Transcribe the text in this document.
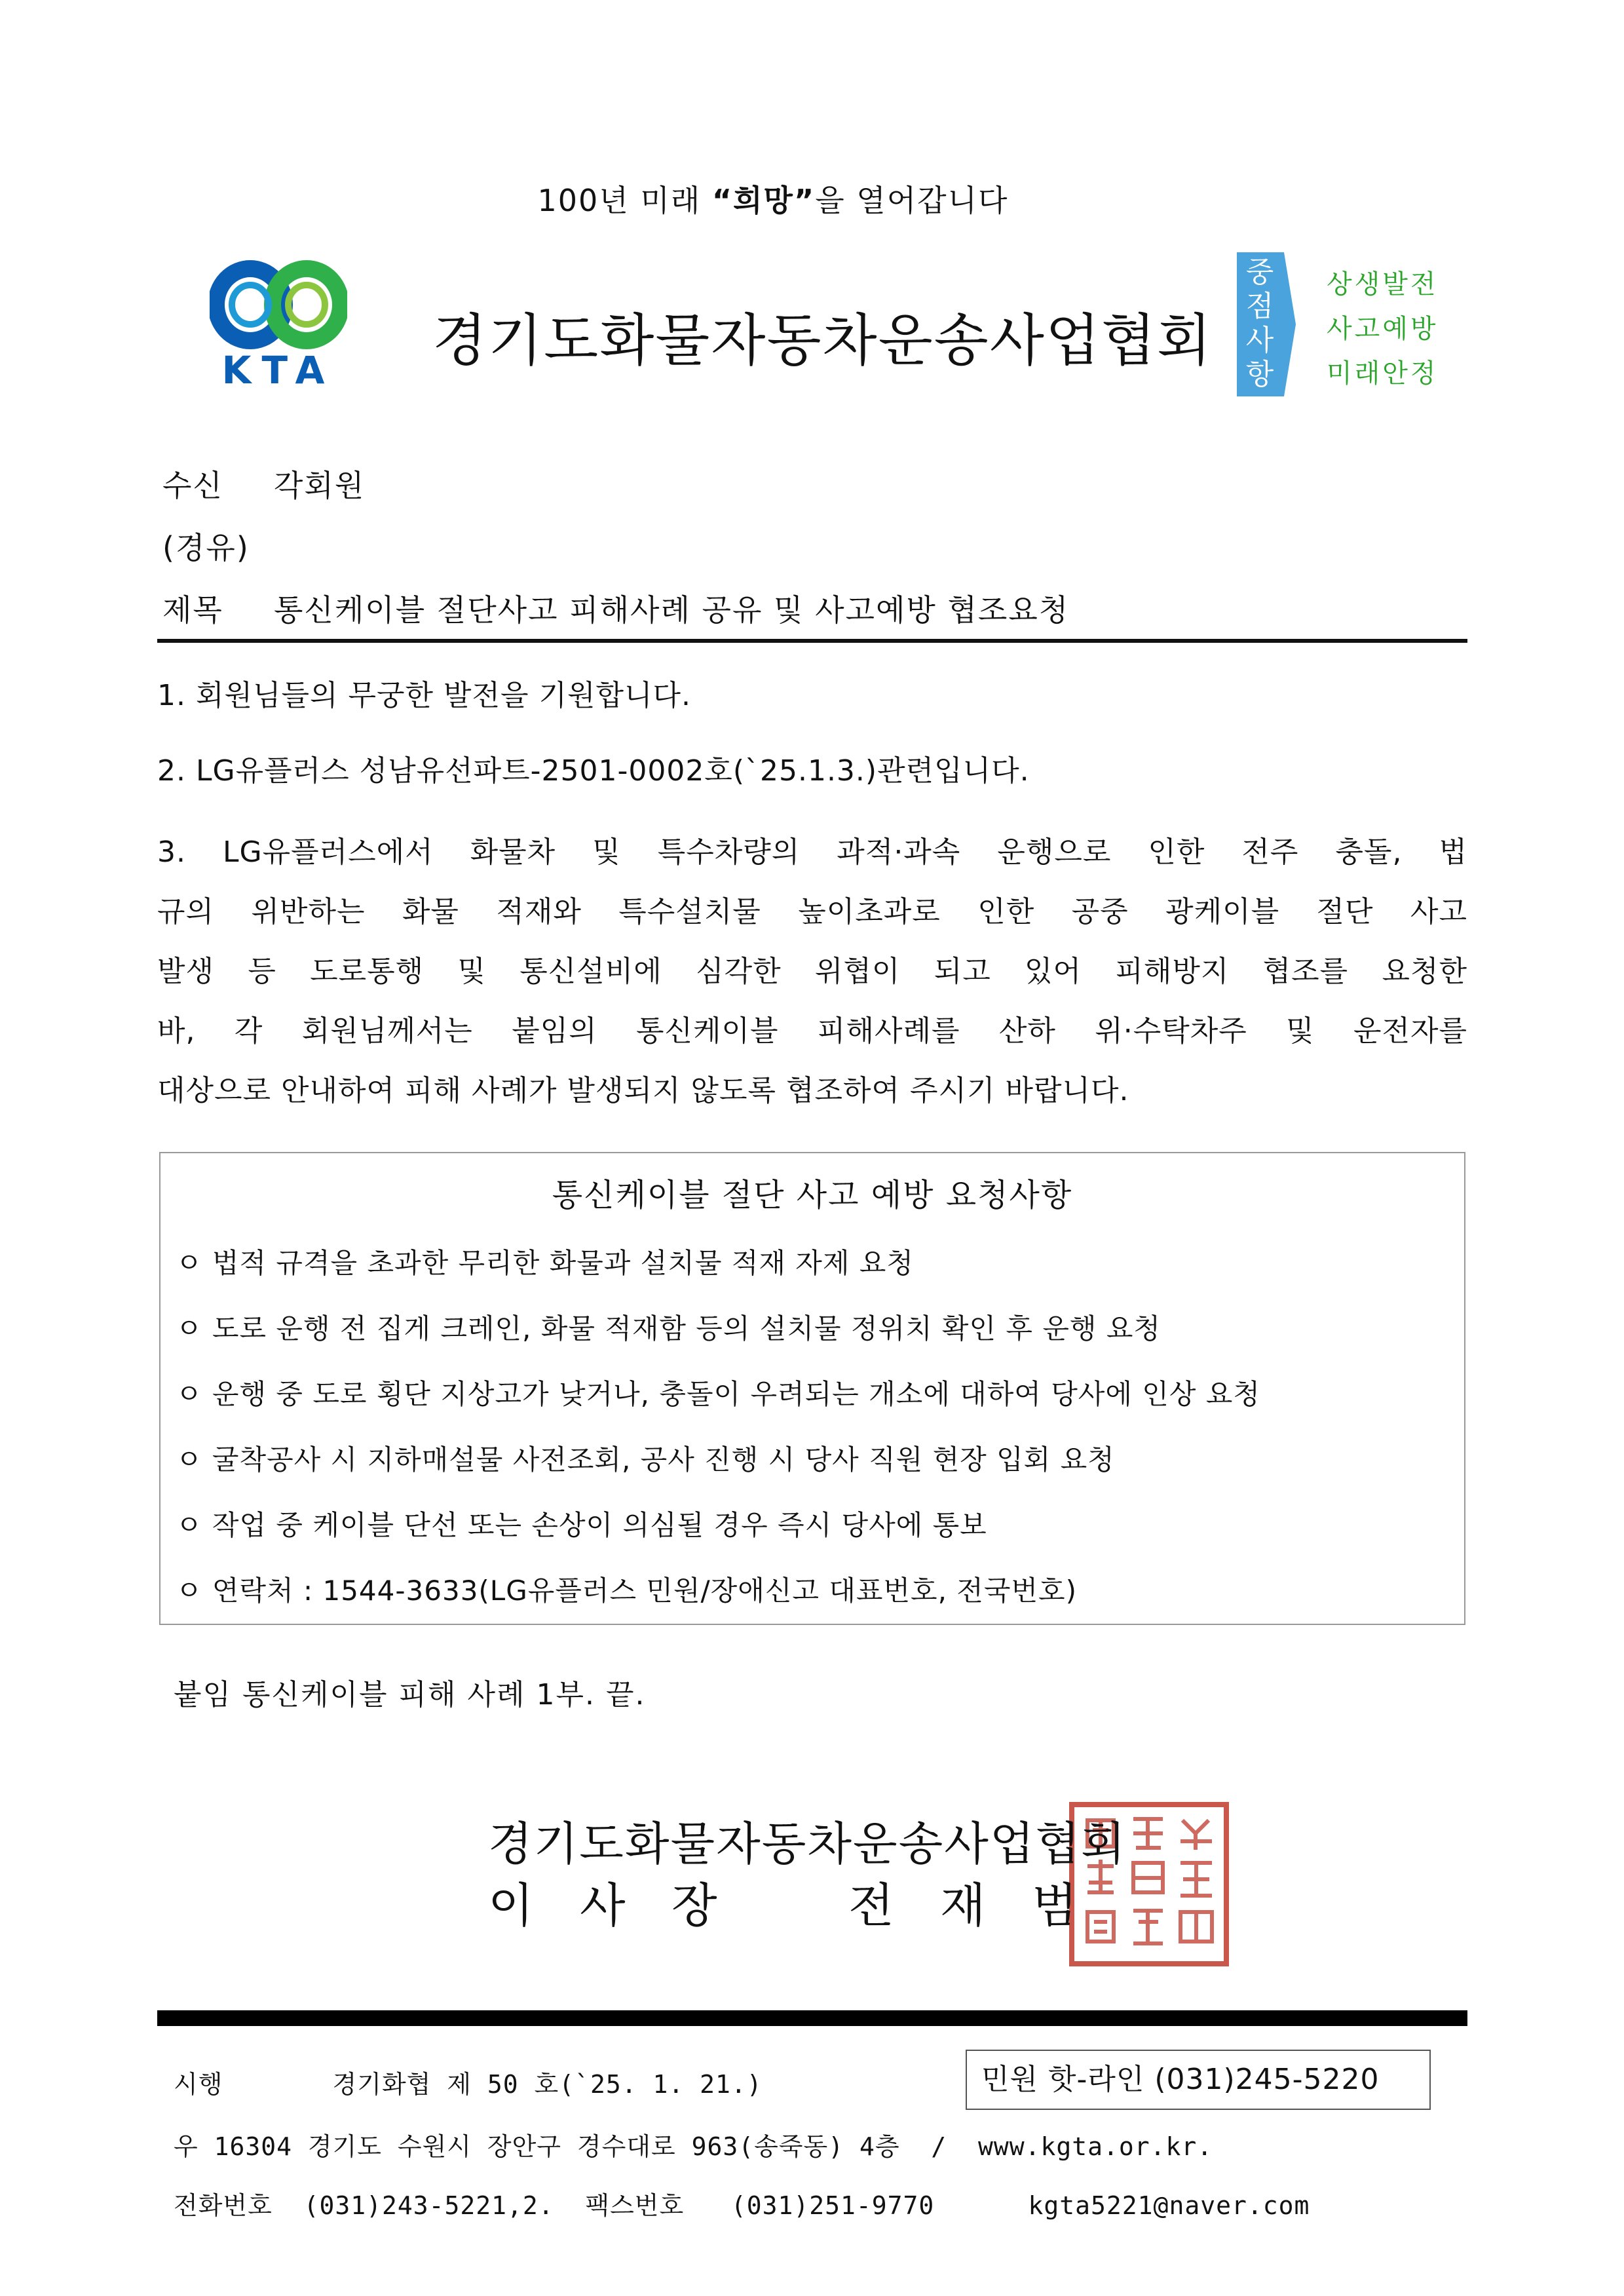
100년 미래 “희망”을 열어갑니다
KTA 경기도화물자동차운송사업협회
중
점
사
항
상생발전
사고예방
미래안정
수신 각회원
(경유)
제목 통신케이블 절단사고 피해사례 공유 및 사고예방 협조요청
1. 회원님들의 무궁한 발전을 기원합니다.
2. LG유플러스 성남유선파트-2501-0002호(`25.1.3.)관련입니다.
3. LG유플러스에서 화물차 및 특수차량의 과적·과속 운행으로 인한 전주 충돌, 법
규의 위반하는 화물 적재와 특수설치물 높이초과로 인한 공중 광케이블 절단 사고
발생 등 도로통행 및 통신설비에 심각한 위협이 되고 있어 피해방지 협조를 요청한
바, 각 회원님께서는 붙임의 통신케이블 피해사례를 산하 위·수탁차주 및 운전자를
대상으로 안내하여 피해 사례가 발생되지 않도록 협조하여 주시기 바랍니다.
통신케이블 절단 사고 예방 요청사항
ㅇ 법적 규격을 초과한 무리한 화물과 설치물 적재 자제 요청
ㅇ 도로 운행 전 집게 크레인, 화물 적재함 등의 설치물 정위치 확인 후 운행 요청
ㅇ 운행 중 도로 횡단 지상고가 낮거나, 충돌이 우려되는 개소에 대하여 당사에 인상 요청
ㅇ 굴착공사 시 지하매설물 사전조회, 공사 진행 시 당사 직원 현장 입회 요청
ㅇ 작업 중 케이블 단선 또는 손상이 의심될 경우 즉시 당사에 통보
ㅇ 연락처 : 1544-3633(LG유플러스 민원/장애신고 대표번호, 전국번호)
붙임 통신케이블 피해 사례 1부. 끝.
경기도화물자동차운송사업협회
이 사 장	전 재 범
시행       경기화협 제 50 호(`25. 1. 21.)	민원 핫-라인 (031)245-5220
우 16304 경기도 수원시 장안구 경수대로 963(송죽동) 4층  /  www.kgta.or.kr.
전화번호  (031)243-5221,2.  팩스번호   (031)251-9770      kgta5221@naver.com
